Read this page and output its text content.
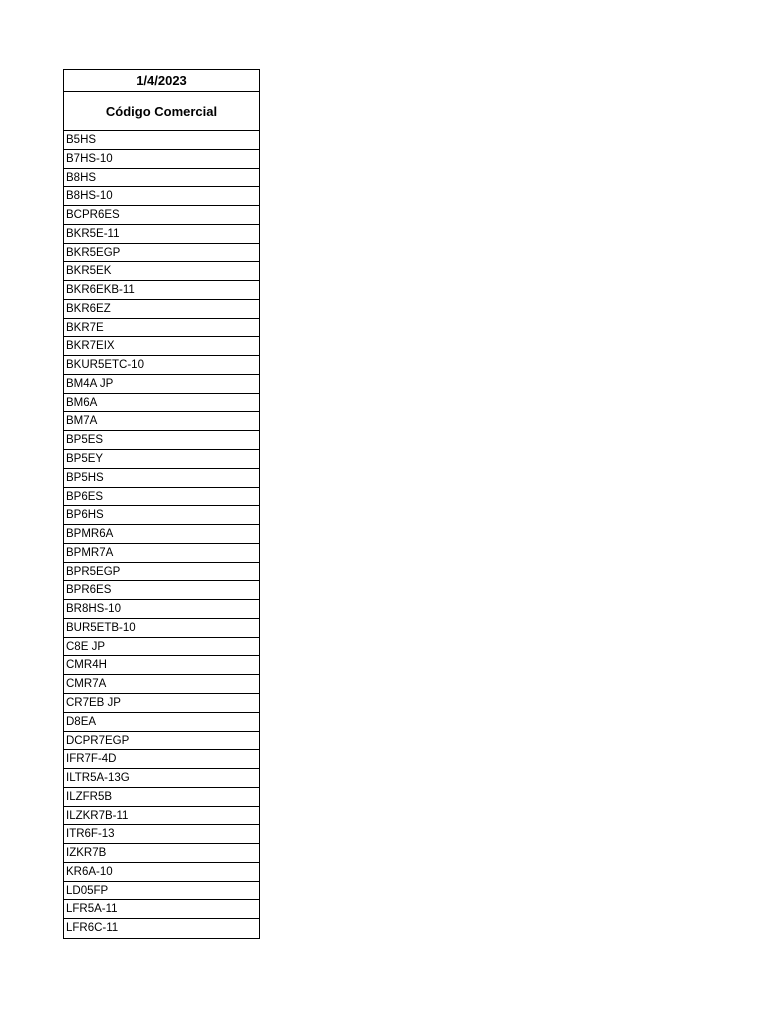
1/4/2023
Código Comercial
B5HS
B7HS-10
B8HS
B8HS-10
BCPR6ES
BKR5E-11
BKR5EGP
BKR5EK
BKR6EKB-11
BKR6EZ
BKR7E
BKR7EIX
BKUR5ETC-10
BM4A JP
BM6A
BM7A
BP5ES
BP5EY
BP5HS
BP6ES
BP6HS
BPMR6A
BPMR7A
BPR5EGP
BPR6ES
BR8HS-10
BUR5ETB-10
C8E JP
CMR4H
CMR7A
CR7EB JP
D8EA
DCPR7EGP
IFR7F-4D
ILTR5A-13G
ILZFR5B
ILZKR7B-11
ITR6F-13
IZKR7B
KR6A-10
LD05FP
LFR5A-11
LFR6C-11
